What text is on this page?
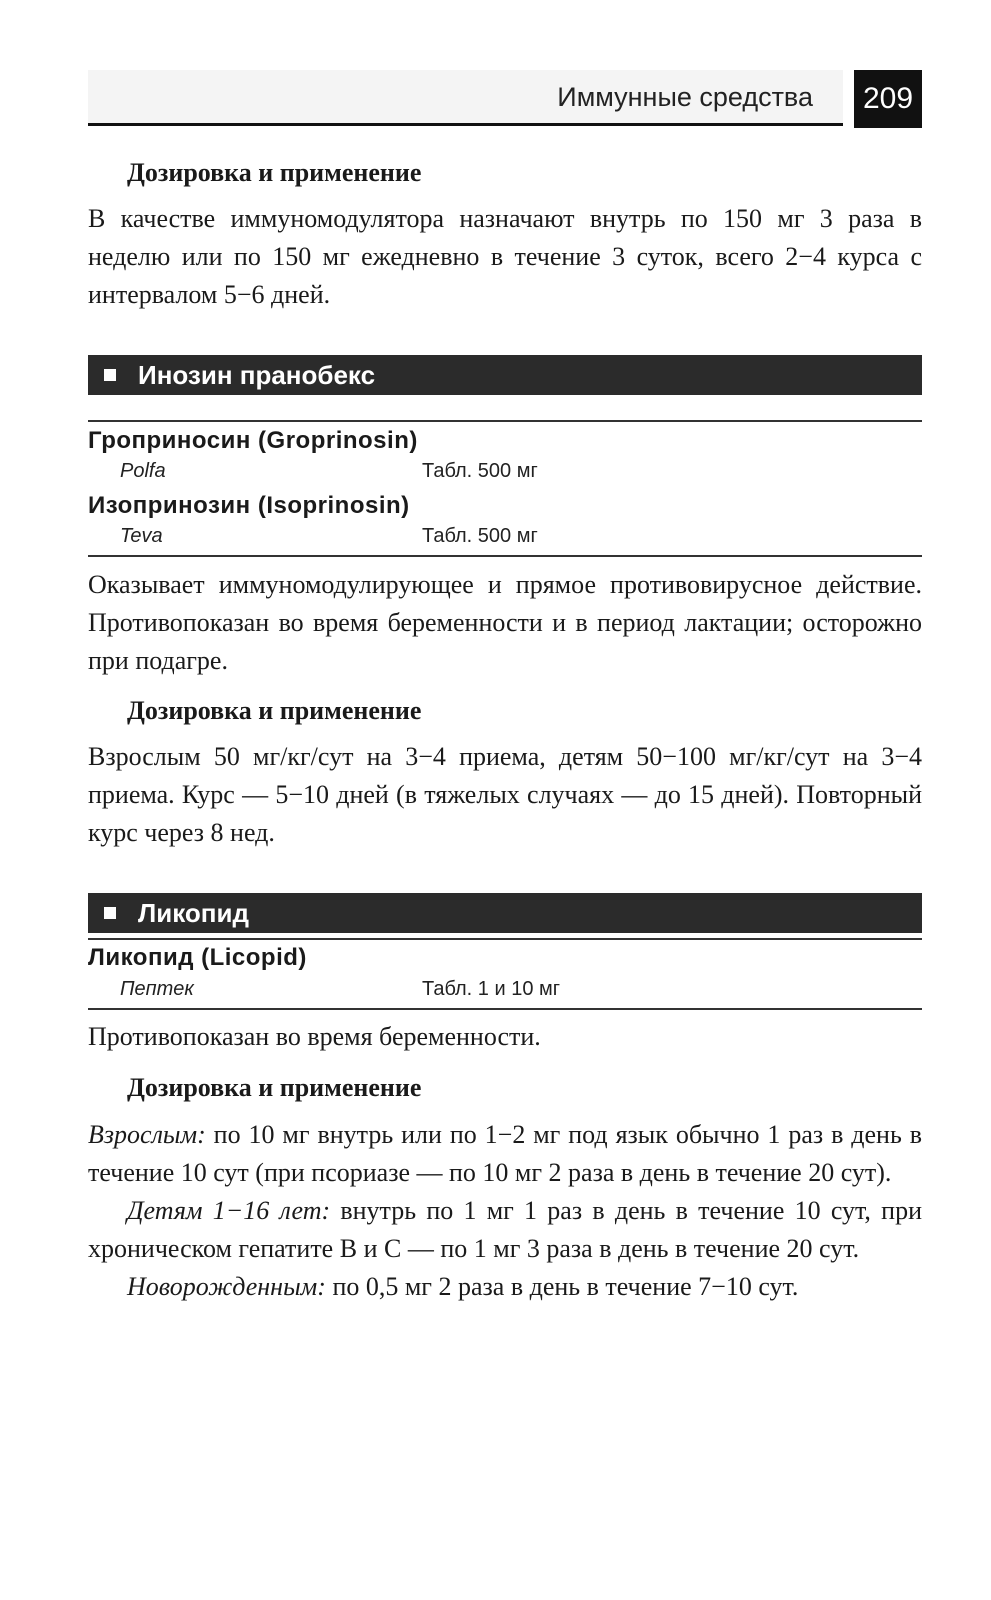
Иммунные средства 209
Дозировка и применение

В качестве иммуномодулятора назначают внутрь по 150 мг 3 раза в неделю или по 150 мг ежедневно в течение 3 суток, всего 2−4 курса с интервалом 5−6 дней.

Инозин пранобекс
Гроприносин (Groprinosin)
Polfa	Табл. 500 мг
Изопринозин (Isoprinosin)
Teva	Табл. 500 мг

Оказывает иммуномодулирующее и прямое противовирусное действие. Противопоказан во время беременности и в период лактации; осторожно при подагре.

Дозировка и применение

Взрослым 50 мг/кг/сут на 3−4 приема, детям 50−100 мг/кг/сут на 3−4 приема. Курс — 5−10 дней (в тяжелых случаях — до 15 дней). Повторный курс через 8 нед.

Ликопид
Ликопид (Licopid)
Пептек	Табл. 1 и 10 мг

Противопоказан во время беременности.

Дозировка и применение

Взрослым: по 10 мг внутрь или по 1−2 мг под язык обычно 1 раз в день в течение 10 сут (при псориазе — по 10 мг 2 раза в день в течение 20 сут).

Детям 1−16 лет: внутрь по 1 мг 1 раз в день в течение 10 сут, при хроническом гепатите В и С — по 1 мг 3 раза в день в течение 20 сут.

Новорожденным: по 0,5 мг 2 раза в день в течение 7−10 сут.
